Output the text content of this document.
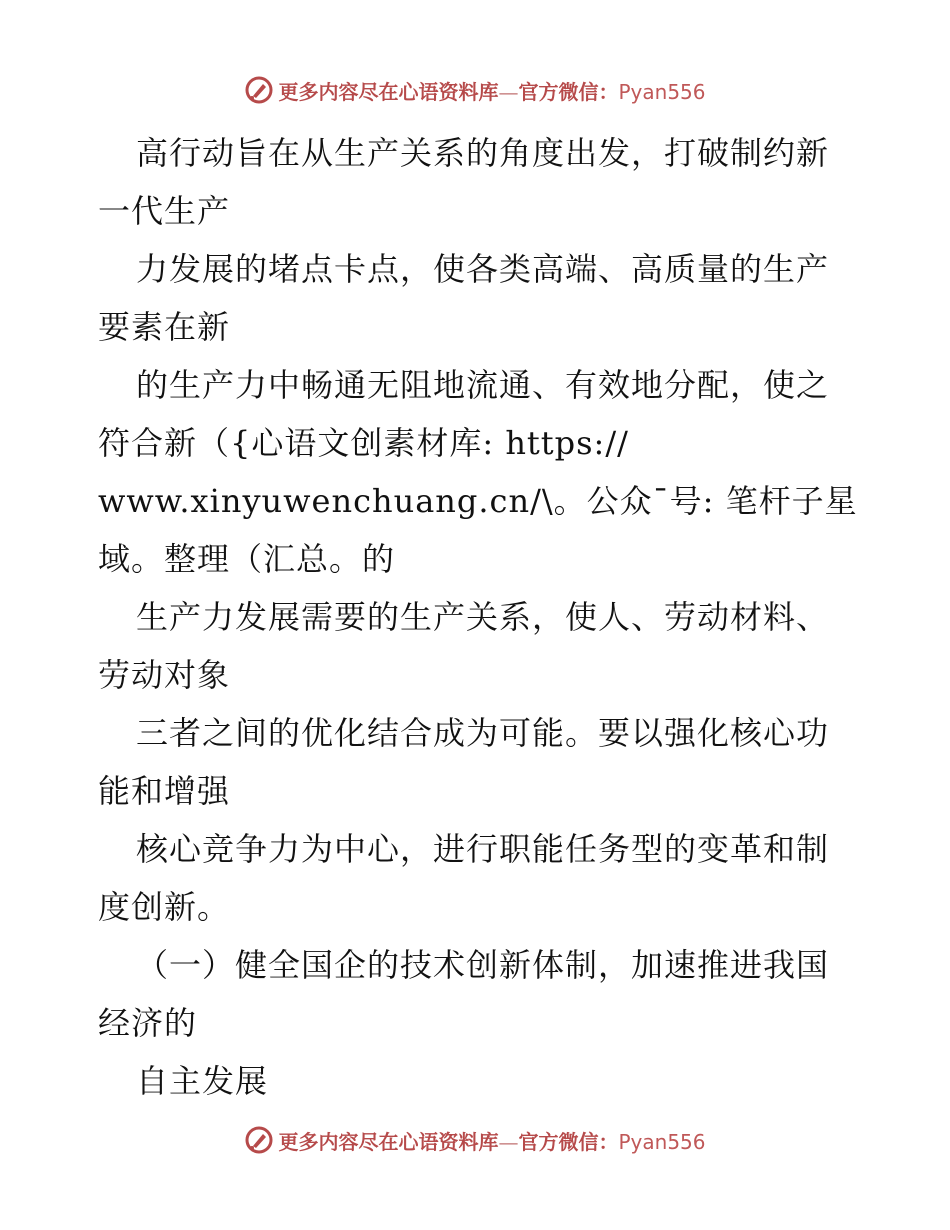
更多内容尽在心语资料库—官方微信：Pyan556
高行动旨在从生产关系的角度出发，打破制约新
一代生产
力发展的堵点卡点，使各类高端、高质量的生产
要素在新
的生产力中畅通无阻地流通、有效地分配，使之
符合新（{心语文创素材库: https://
www.xinyuwenchuang.cn/\。公众¯号: 笔杆子星
域。整理（汇总。的
生产力发展需要的生产关系，使人、劳动材料、
劳动对象
三者之间的优化结合成为可能。要以强化核心功
能和增强
核心竞争力为中心，进行职能任务型的变革和制
度创新。
（一）健全国企的技术创新体制，加速推进我国
经济的
自主发展
更多内容尽在心语资料库—官方微信：Pyan556
